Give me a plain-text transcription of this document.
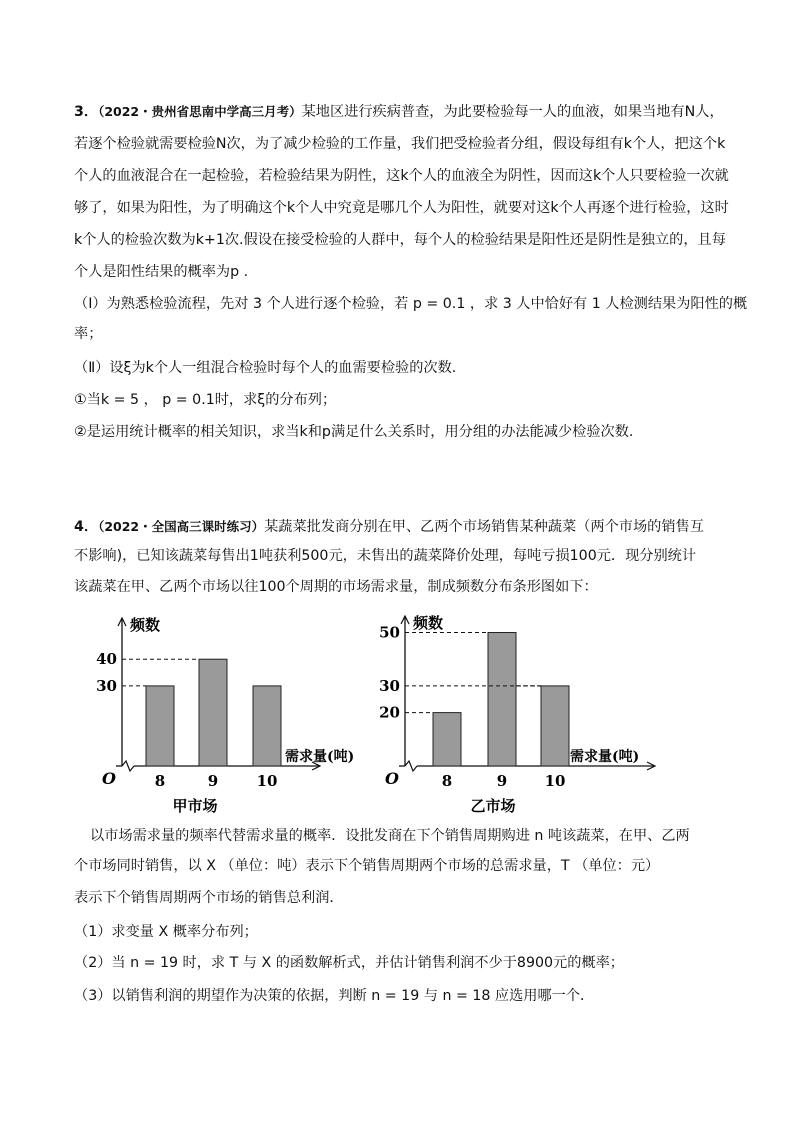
3．（2022・贵州省思南中学高三月考）某地区进行疾病普查，为此要检验每一人的血液，如果当地有N人，
若逐个检验就需要检验N次，为了减少检验的工作量，我们把受检验者分组，假设每组有k个人，把这个k
个人的血液混合在一起检验，若检验结果为阴性，这k个人的血液全为阴性，因而这k个人只要检验一次就
够了，如果为阳性，为了明确这个k个人中究竟是哪几个人为阳性，就要对这k个人再逐个进行检验，这时
k个人的检验次数为k+1次.假设在接受检验的人群中，每个人的检验结果是阳性还是阴性是独立的，且每
个人是阳性结果的概率为p .
（Ⅰ）为熟悉检验流程，先对 3 个人进行逐个检验，若 p = 0.1 ，求 3 人中恰好有 1 人检测结果为阳性的概
率；
（Ⅱ）设ξ为k个人一组混合检验时每个人的血需要检验的次数.
①当k = 5 ， p = 0.1时，求ξ的分布列；
②是运用统计概率的相关知识，求当k和p满足什么关系时，用分组的办法能减少检验次数.
4．（2022・全国高三课时练习）某蔬菜批发商分别在甲、乙两个市场销售某种蔬菜（两个市场的销售互
不影响)，已知该蔬菜每售出1吨获利500元，未售出的蔬菜降价处理，每吨亏损100元．现分别统计
该蔬菜在甲、乙两个市场以往100个周期的市场需求量，制成频数分布条形图如下：
8	9	10
30
40
频数
需求量(吨)
O
甲市场
8	9 10
20
30
50
频数
需求量(吨)
O
乙市场
以市场需求量的频率代替需求量的概率．设批发商在下个销售周期购进 n 吨该蔬菜，在甲、乙两
个市场同时销售，以 X （单位：吨）表示下个销售周期两个市场的总需求量，T （单位：元）
表示下个销售周期两个市场的销售总利润．
（1）求变量 X 概率分布列；
（2）当 n = 19 时，求 T 与 X 的函数解析式，并估计销售利润不少于8900元的概率；
（3）以销售利润的期望作为决策的依据，判断 n = 19 与 n = 18 应选用哪一个．
